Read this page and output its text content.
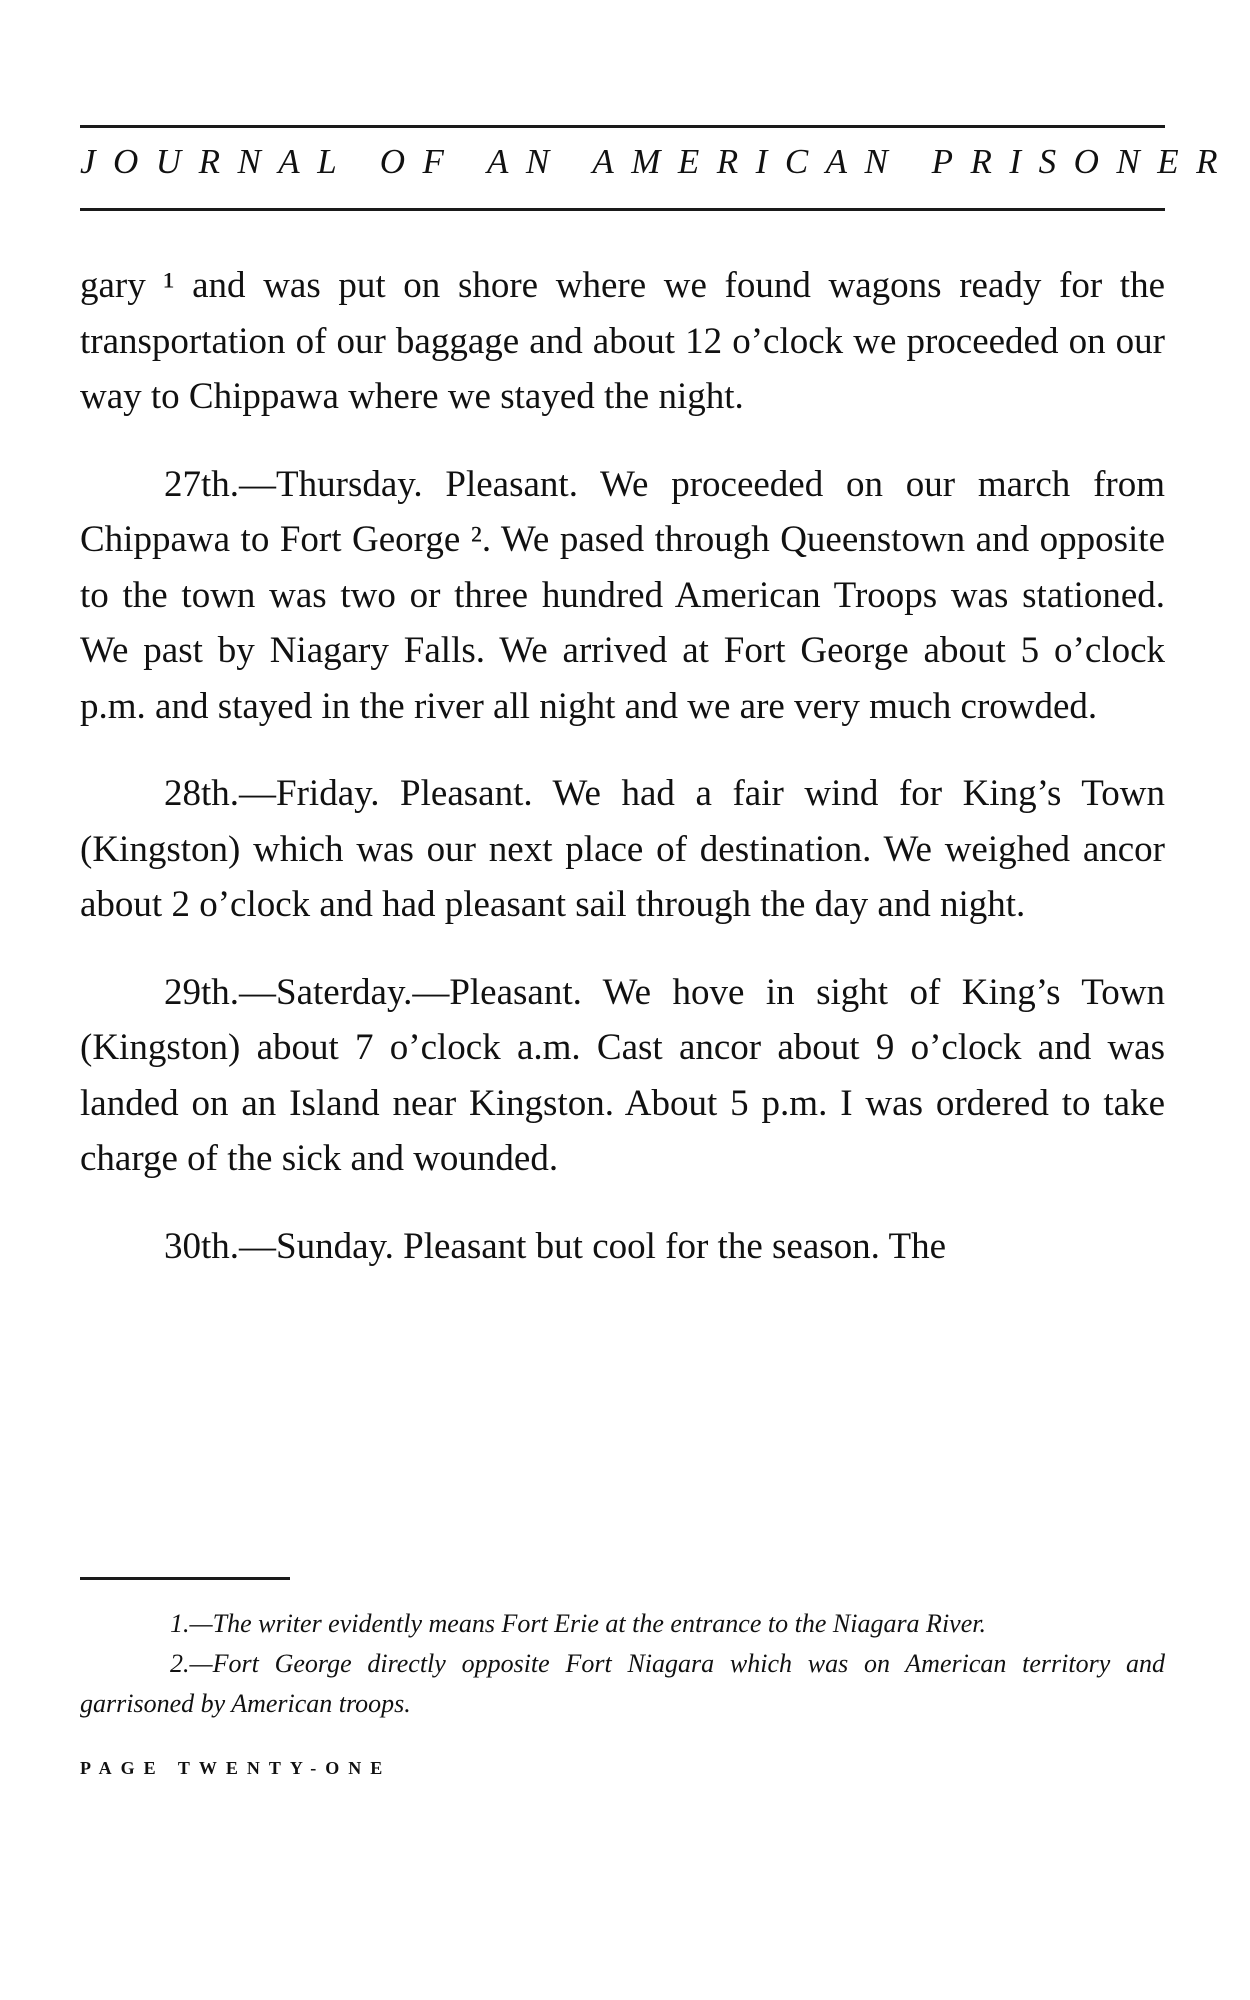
JOURNAL OF AN AMERICAN PRISONER

gary ¹ and was put on shore where we found wagons ready for the transportation of our baggage and about 12 o’clock we proceeded on our way to Chippawa where we stayed the night.

27th.—Thursday. Pleasant. We proceeded on our march from Chippawa to Fort George ². We pased through Queenstown and opposite to the town was two or three hundred American Troops was stationed. We past by Niagary Falls. We arrived at Fort George about 5 o’clock p.m. and stayed in the river all night and we are very much crowded.

28th.—Friday. Pleasant. We had a fair wind for King’s Town (Kingston) which was our next place of destination. We weighed ancor about 2 o’clock and had pleasant sail through the day and night.

29th.—Saterday.—Pleasant. We hove in sight of King’s Town (Kingston) about 7 o’clock a.m. Cast ancor about 9 o’clock and was landed on an Island near Kingston. About 5 p.m. I was ordered to take charge of the sick and wounded.

30th.—Sunday. Pleasant but cool for the season. The

1.—The writer evidently means Fort Erie at the entrance to the Niagara River.

2.—Fort George directly opposite Fort Niagara which was on American territory and garrisoned by American troops.

PAGE TWENTY-ONE
